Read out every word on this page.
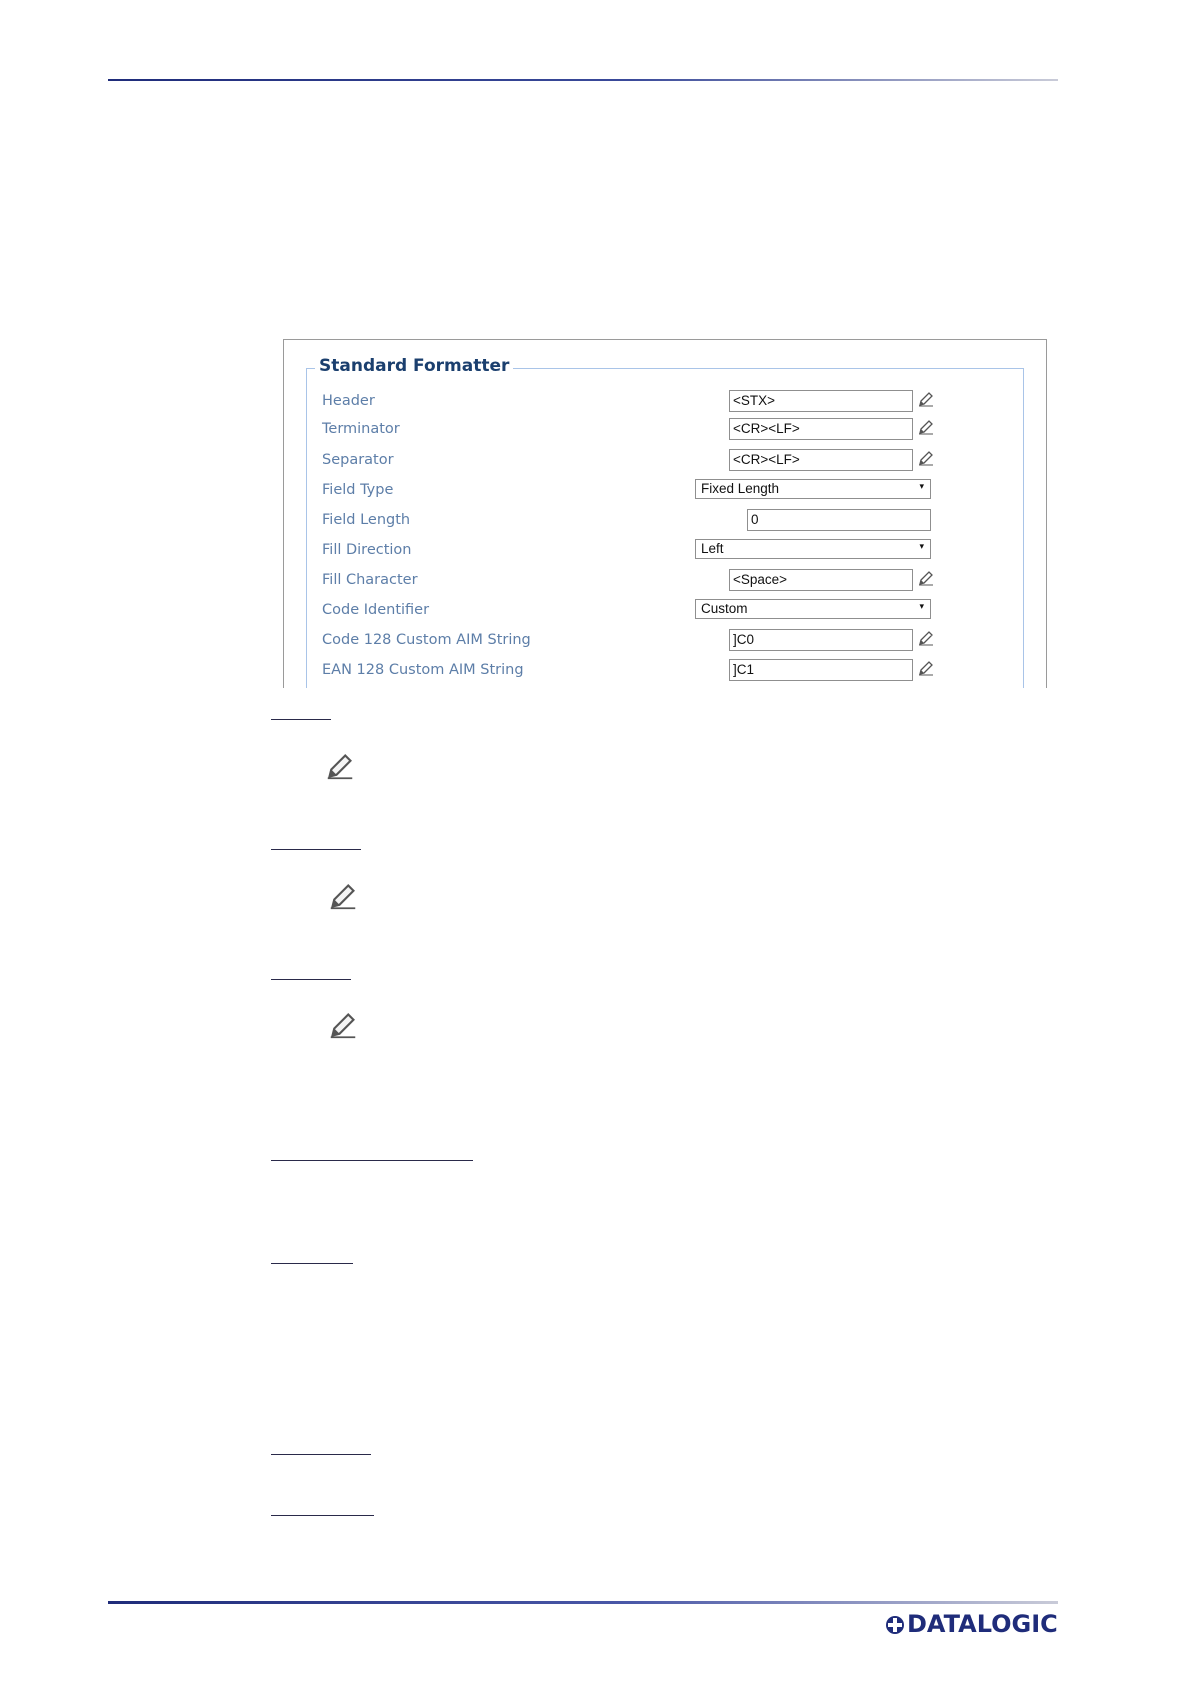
Standard Formatter
Header	<STX>
Terminator	<CR><LF>
Separator	<CR><LF>
Field Type	Fixed Length	▾
Field Length	0
Fill Direction	Left	▾
Fill Character	<Space>
Code Identifier	Custom	▾
Code 128 Custom AIM String	]C0
EAN 128 Custom AIM String	]C1
DATALOGIC
